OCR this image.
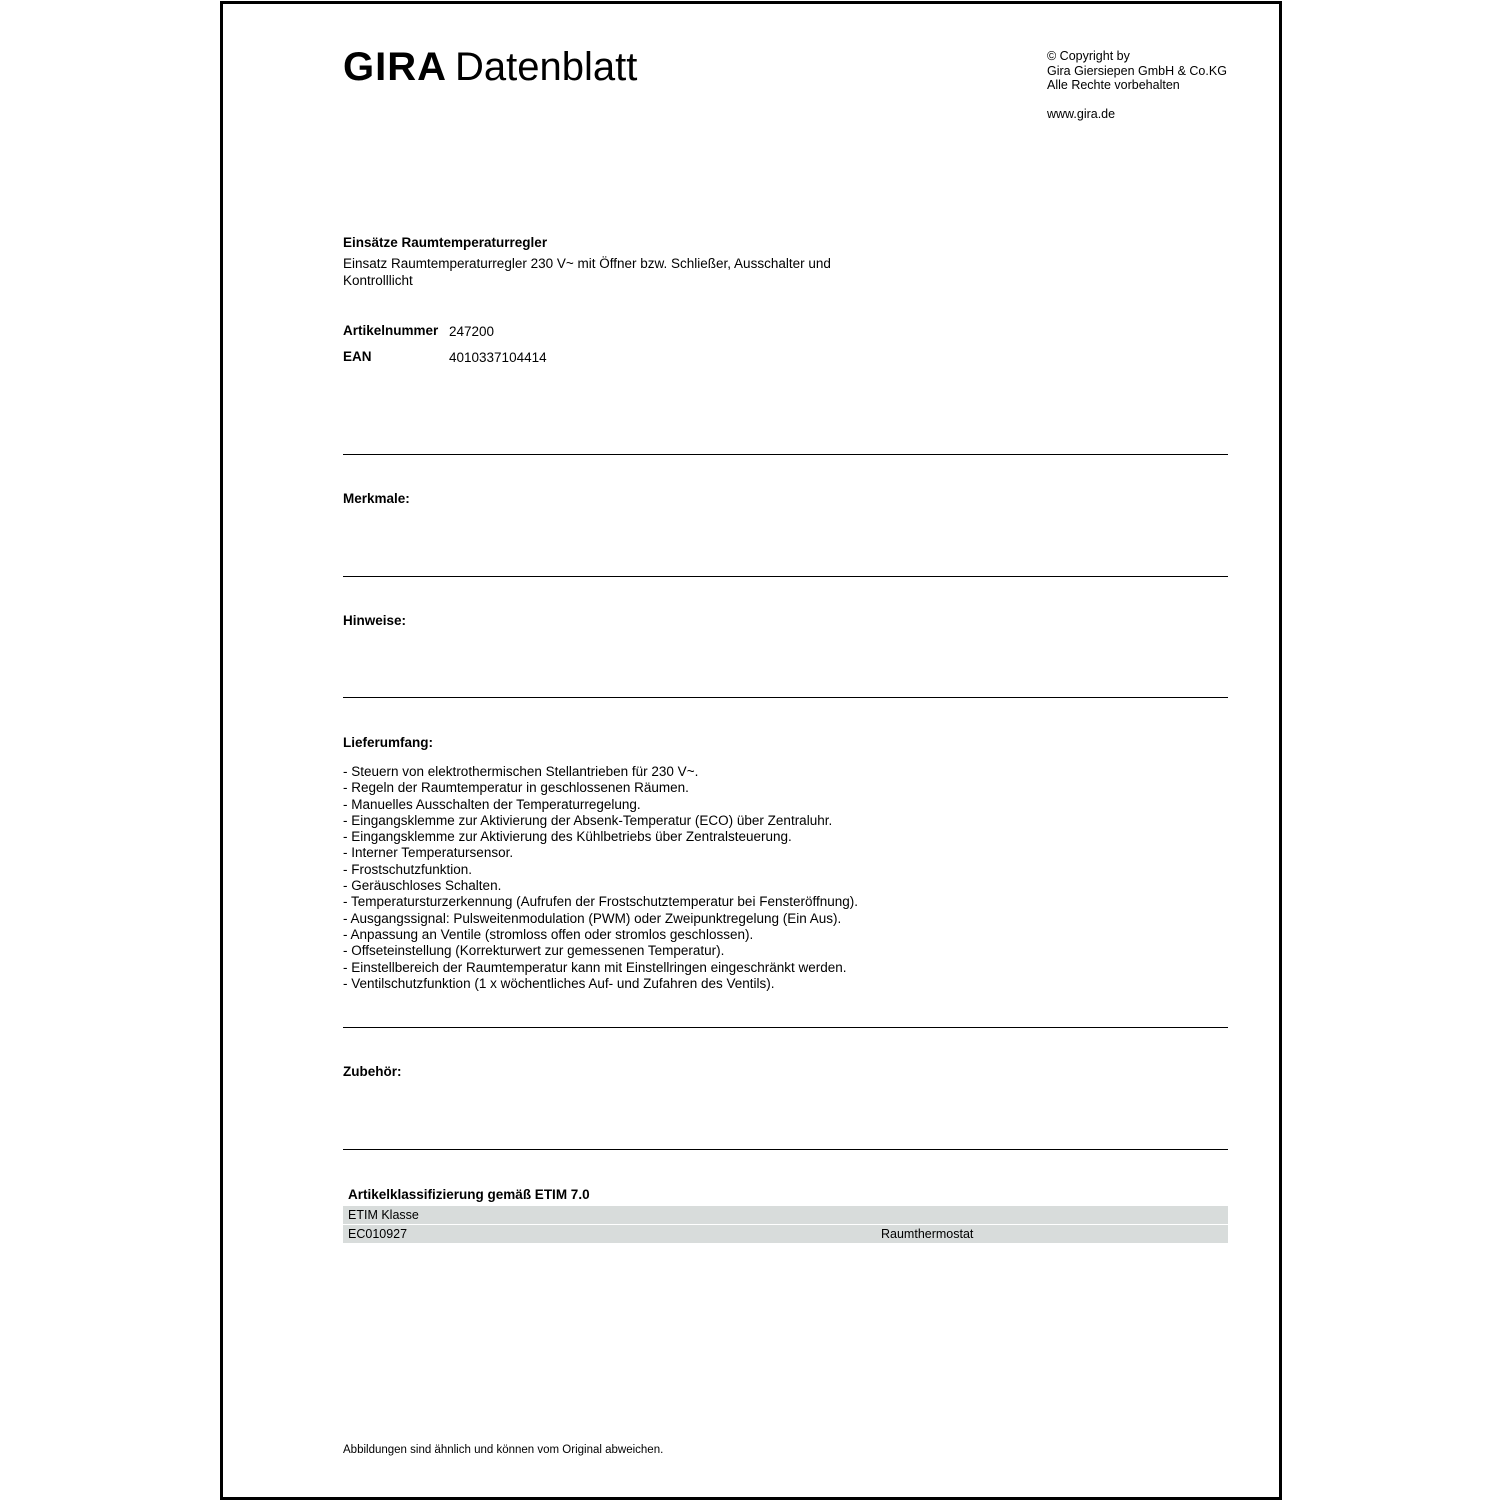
GIRA Datenblatt	© Copyright by
Gira Giersiepen GmbH & Co.KG
Alle Rechte vorbehalten
www.gira.de
Einsätze Raumtemperaturregler
Einsatz Raumtemperaturregler 230 V~ mit Öffner bzw. Schließer, Ausschalter und Kontrolllicht
Artikelnummer 247200
EAN	4010337104414
Merkmale:
Hinweise:
Lieferumfang:
- Steuern von elektrothermischen Stellantrieben für 230 V~.
- Regeln der Raumtemperatur in geschlossenen Räumen.
- Manuelles Ausschalten der Temperaturregelung.
- Eingangsklemme zur Aktivierung der Absenk-Temperatur (ECO) über Zentraluhr.
- Eingangsklemme zur Aktivierung des Kühlbetriebs über Zentralsteuerung.
- Interner Temperatursensor.
- Frostschutzfunktion.
- Geräuschloses Schalten.
- Temperatursturzerkennung (Aufrufen der Frostschutztemperatur bei Fensteröffnung).
- Ausgangssignal: Pulsweitenmodulation (PWM) oder Zweipunktregelung (Ein Aus).
- Anpassung an Ventile (stromloss offen oder stromlos geschlossen).
- Offseteinstellung (Korrekturwert zur gemessenen Temperatur).
- Einstellbereich der Raumtemperatur kann mit Einstellringen eingeschränkt werden.
- Ventilschutzfunktion (1 x wöchentliches Auf- und Zufahren des Ventils).
Zubehör:
Artikelklassifizierung gemäß ETIM 7.0
ETIM Klasse
EC010927	Raumthermostat
Abbildungen sind ähnlich und können vom Original abweichen.
